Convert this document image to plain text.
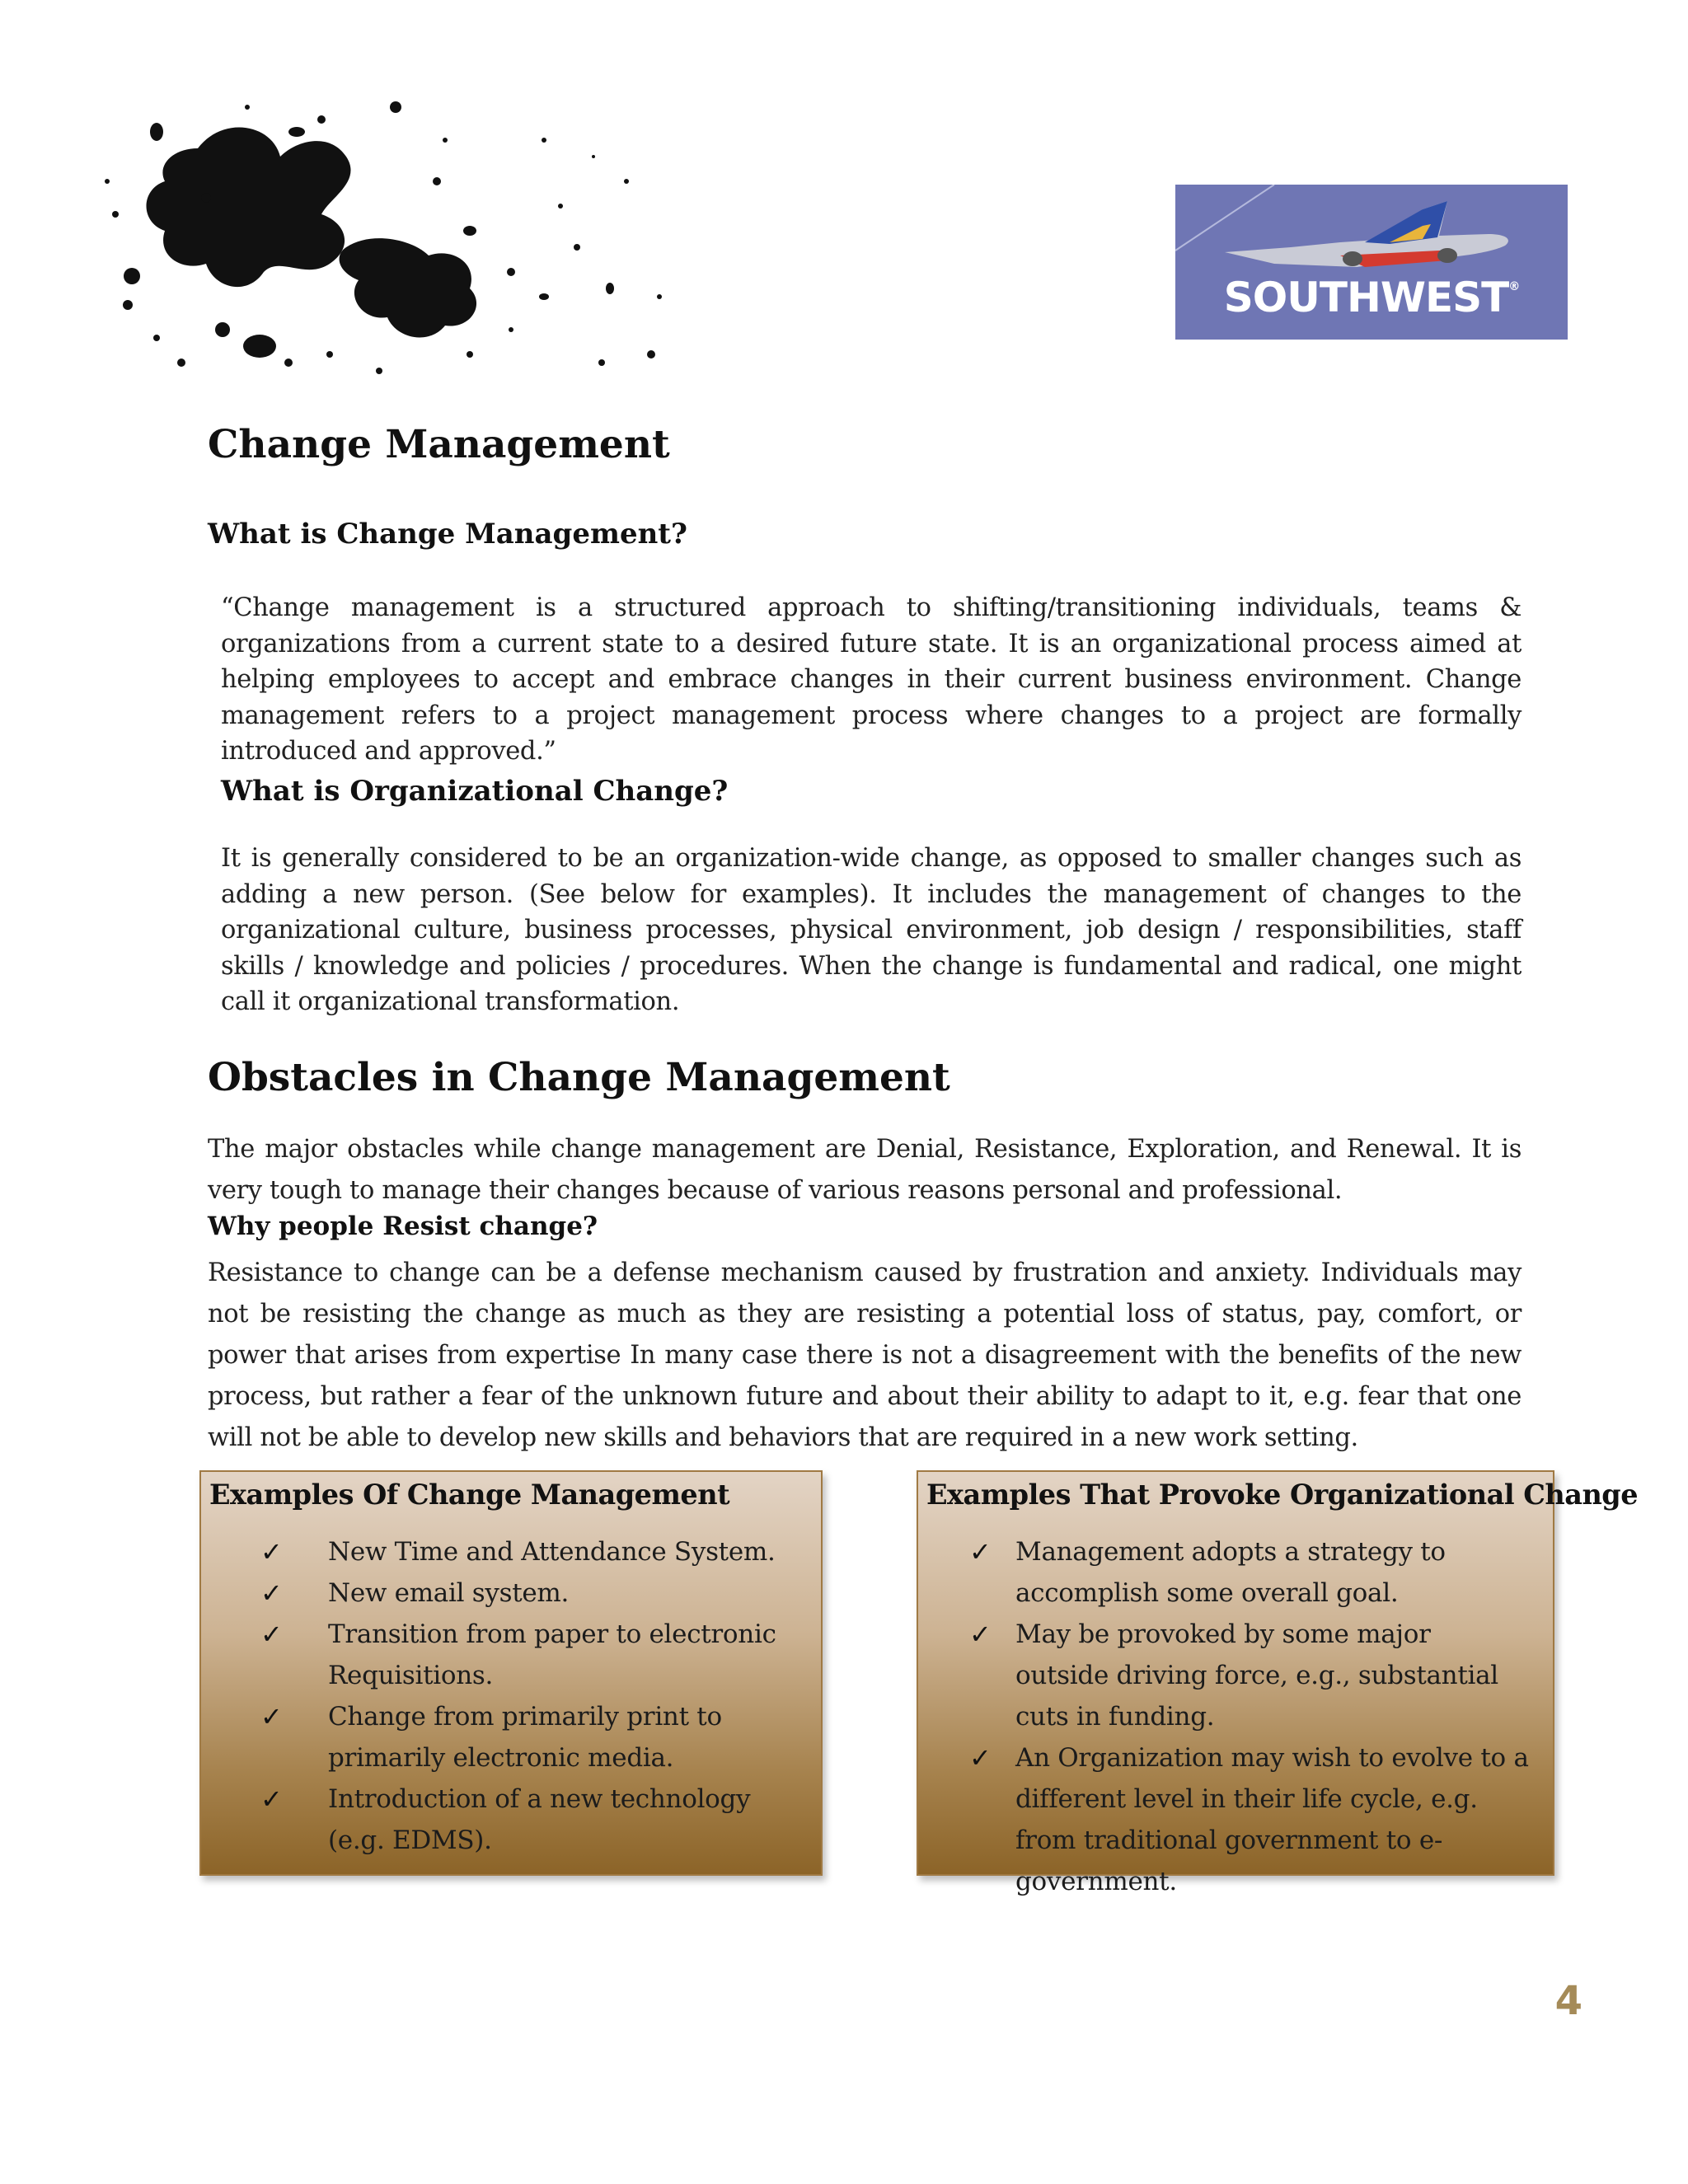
SOUTHWEST®
Change Management
What is Change Management?
“Change management is a structured approach to shifting/transitioning individuals, teams & organizations from a current state to a desired future state. It is an organizational process aimed at helping employees to accept and embrace changes in their current business environment. Change management refers to a project management process where changes to a project are formally introduced and approved.”
What is Organizational Change?
It is generally considered to be an organization-wide change, as opposed to smaller changes such as adding a new person. (See below for examples). It includes the management of changes to the organizational culture, business processes, physical environment, job design / responsibilities, staff skills / knowledge and policies / procedures. When the change is fundamental and radical, one might call it organizational transformation.
Obstacles in Change Management
The major obstacles while change management are Denial, Resistance, Exploration, and Renewal. It is very tough to manage their changes because of various reasons personal and professional.
Why people Resist change?
Resistance to change can be a defense mechanism caused by frustration and anxiety. Individuals may not be resisting the change as much as they are resisting a potential loss of status, pay, comfort, or power that arises from expertise In many case there is not a disagreement with the benefits of the new process, but rather a fear of the unknown future and about their ability to adapt to it, e.g. fear that one will not be able to develop new skills and behaviors that are required in a new work setting.
Examples Of Change Management
✓ New Time and Attendance System.
✓ New email system.
✓ Transition from paper to electronic Requisitions.
✓ Change from primarily print to primarily electronic media.
✓ Introduction of a new technology (e.g. EDMS).
Examples That Provoke Organizational Change
✓ Management adopts a strategy to accomplish some overall goal.
✓ May be provoked by some major outside driving force, e.g., substantial cuts in funding.
✓ An Organization may wish to evolve to a different level in their life cycle, e.g. from traditional government to e-government.
4
